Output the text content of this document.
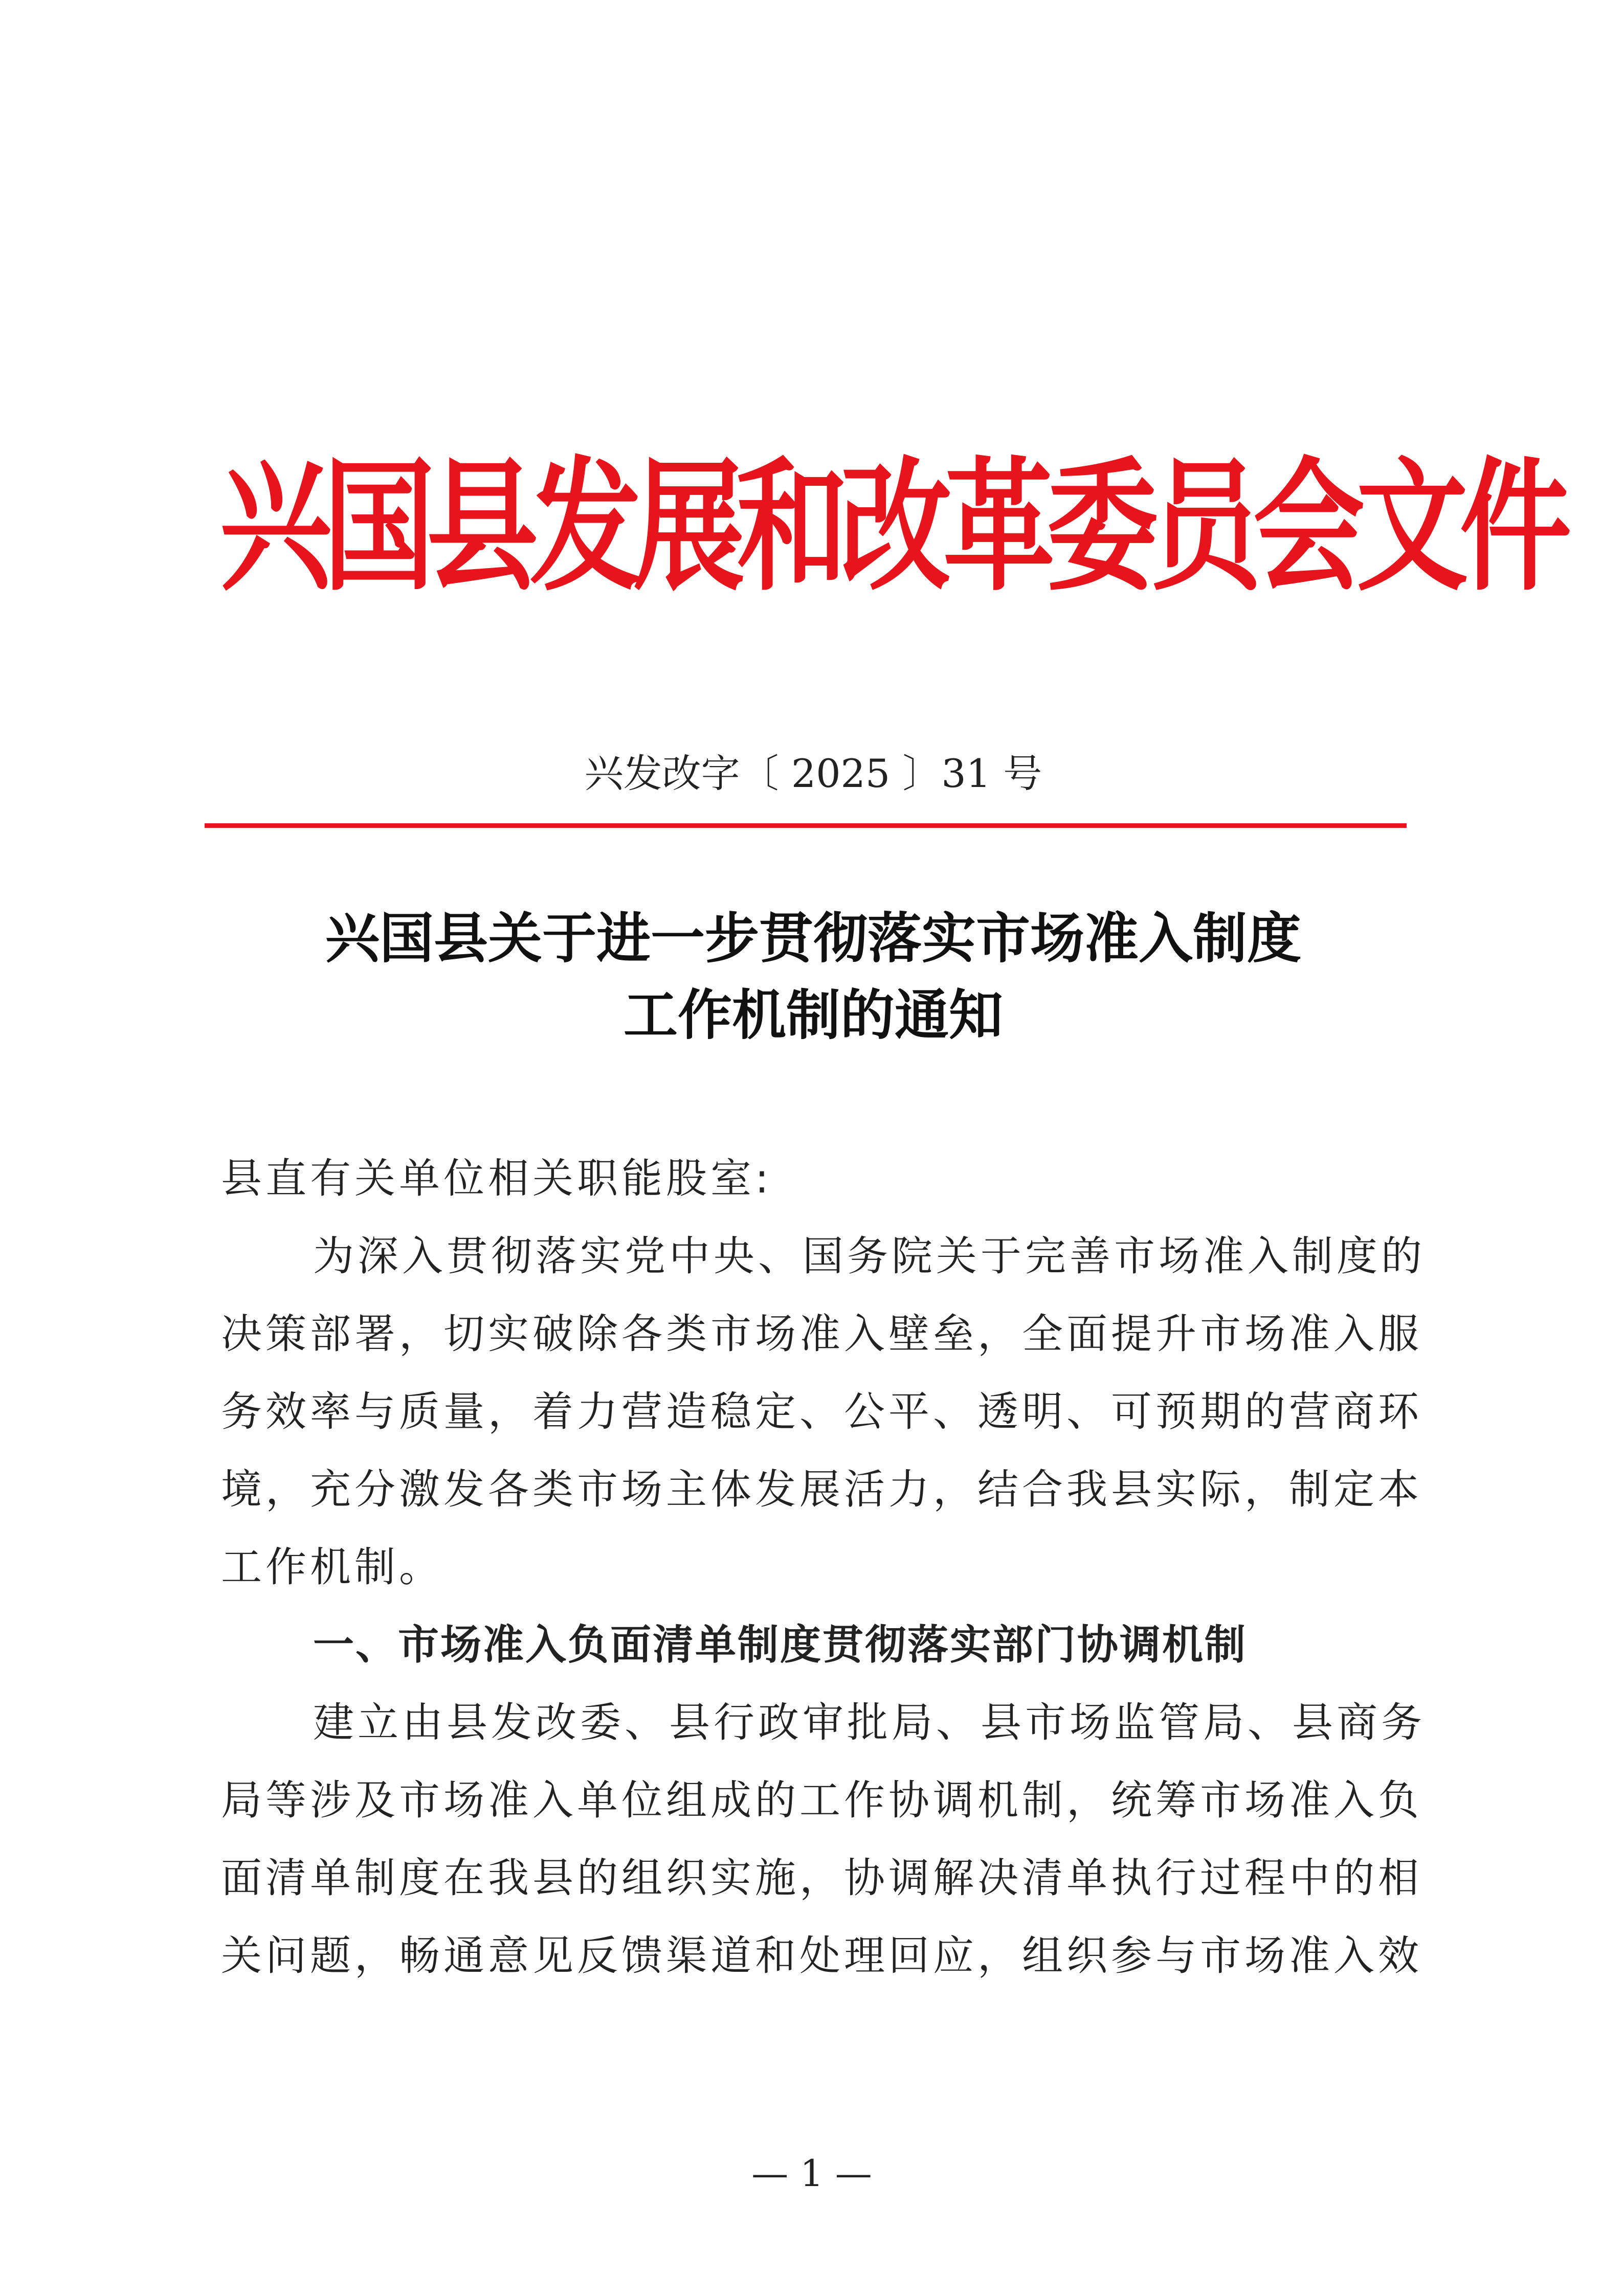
兴国县发展和改革委员会文件
兴发改字〔 2025 〕31 号
兴国县关于进一步贯彻落实市场准入制度
工作机制的通知
县直有关单位相关职能股室:
为深入贯彻落实党中央、国务院关于完善市场准入制度的
决策部署，切实破除各类市场准入壁垒，全面提升市场准入服
务效率与质量，着力营造稳定、公平、透明、可预期的营商环
境，充分激发各类市场主体发展活力，结合我县实际，制定本
工作机制。
一、市场准入负面清单制度贯彻落实部门协调机制
建立由县发改委、县行政审批局、县市场监管局、县商务
局等涉及市场准入单位组成的工作协调机制，统筹市场准入负
面清单制度在我县的组织实施，协调解决清单执行过程中的相
关问题，畅通意见反馈渠道和处理回应，组织参与市场准入效
— 1 —
